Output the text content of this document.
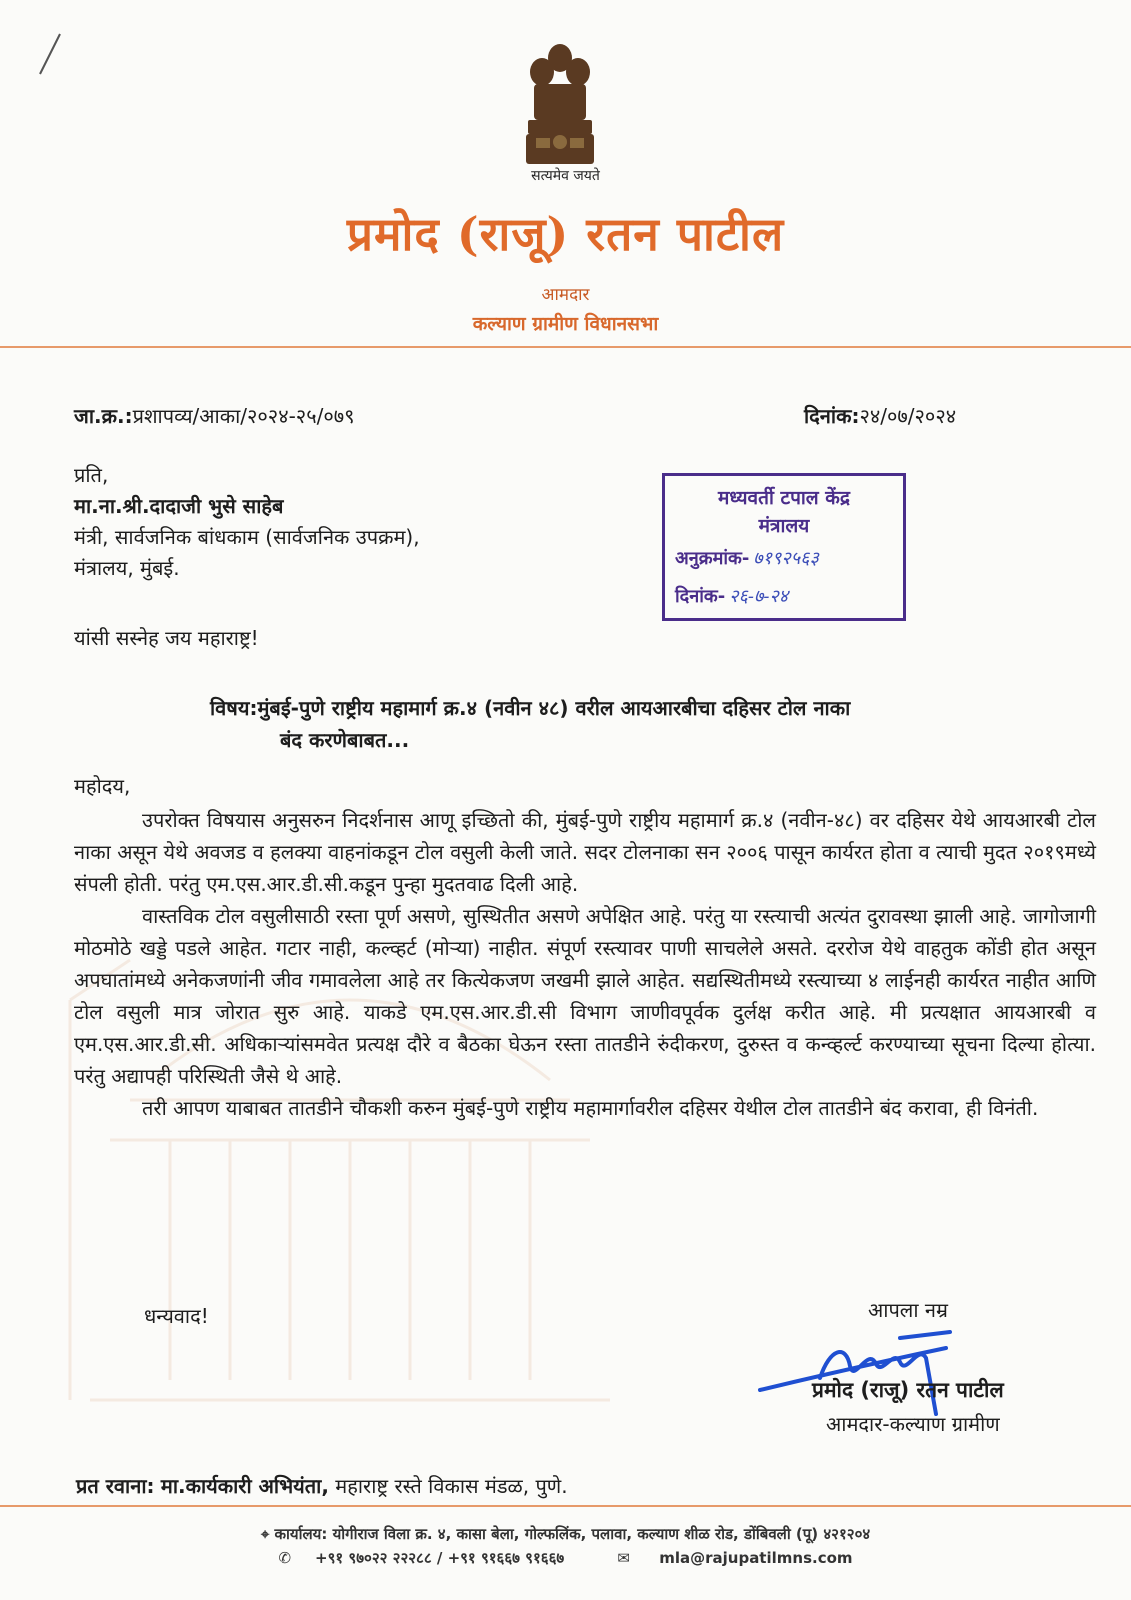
सत्यमेव जयते
प्रमोद (राजू) रतन पाटील
आमदार
कल्याण ग्रामीण विधानसभा
जा.क्र.:प्रशापव्य/आका/२०२४-२५/०७९	दिनांक:२४/०७/२०२४
प्रति,
मा.ना.श्री.दादाजी भुसे साहेब
मंत्री, सार्वजनिक बांधकाम (सार्वजनिक उपक्रम),
मंत्रालय, मुंबई.
यांसी सस्नेह जय महाराष्ट्र!
मध्यवर्ती टपाल केंद्र
मंत्रालय
अनुक्रमांक- ७१९२५६३
दिनांक- २६-७-२४
विषय:मुंबई-पुणे राष्ट्रीय महामार्ग क्र.४ (नवीन ४८) वरील आयआरबीचा दहिसर टोल नाका
बंद करणेबाबत...
महोदय,

उपरोक्त विषयास अनुसरुन निदर्शनास आणू इच्छितो की, मुंबई-पुणे राष्ट्रीय महामार्ग क्र.४ (नवीन-४८) वर दहिसर येथे आयआरबी टोल नाका असून येथे अवजड व हलक्या वाहनांकडून टोल वसुली केली जाते. सदर टोलनाका सन २००६ पासून कार्यरत होता व त्याची मुदत २०१९मध्ये संपली होती. परंतु एम.एस.आर.डी.सी.कडून पुन्हा मुदतवाढ दिली आहे.

वास्तविक टोल वसुलीसाठी रस्ता पूर्ण असणे, सुस्थितीत असणे अपेक्षित आहे. परंतु या रस्त्याची अत्यंत दुरावस्था झाली आहे. जागोजागी मोठमोठे खड्डे पडले आहेत. गटार नाही, कल्व्हर्ट (मोऱ्या) नाहीत. संपूर्ण रस्त्यावर पाणी साचलेले असते. दररोज येथे वाहतुक कोंडी होत असून अपघातांमध्ये अनेकजणांनी जीव गमावलेला आहे तर कित्येकजण जखमी झाले आहेत. सद्यस्थितीमध्ये रस्त्याच्या ४ लाईनही कार्यरत नाहीत आणि टोल वसुली मात्र जोरात सुरु आहे. याकडे एम.एस.आर.डी.सी विभाग जाणीवपूर्वक दुर्लक्ष करीत आहे. मी प्रत्यक्षात आयआरबी व एम.एस.आर.डी.सी. अधिकाऱ्यांसमवेत प्रत्यक्ष दौरे व बैठका घेऊन रस्ता तातडीने रुंदीकरण, दुरुस्त व कन्व्हर्ल्ट करण्याच्या सूचना दिल्या होत्या. परंतु अद्यापही परिस्थिती जैसे थे आहे.

तरी आपण याबाबत तातडीने चौकशी करुन मुंबई-पुणे राष्ट्रीय महामार्गावरील दहिसर येथील टोल तातडीने बंद करावा, ही विनंती.

धन्यवाद!	आपला नम्र
प्रमोद (राजू) रतन पाटील
आमदार-कल्याण ग्रामीण
प्रत रवाना: मा.कार्यकारी अभियंता, महाराष्ट्र रस्ते विकास मंडळ, पुणे.
⌖ कार्यालय: योगीराज विला क्र. ४, कासा बेला, गोल्फलिंक, पलावा, कल्याण शीळ रोड, डोंबिवली (पू) ४२१२०४
✆ +९१ ९७०२२ २२२८८ / +९१ ९१६६७ ९१६६७	✉ mla@rajupatilmns.com
